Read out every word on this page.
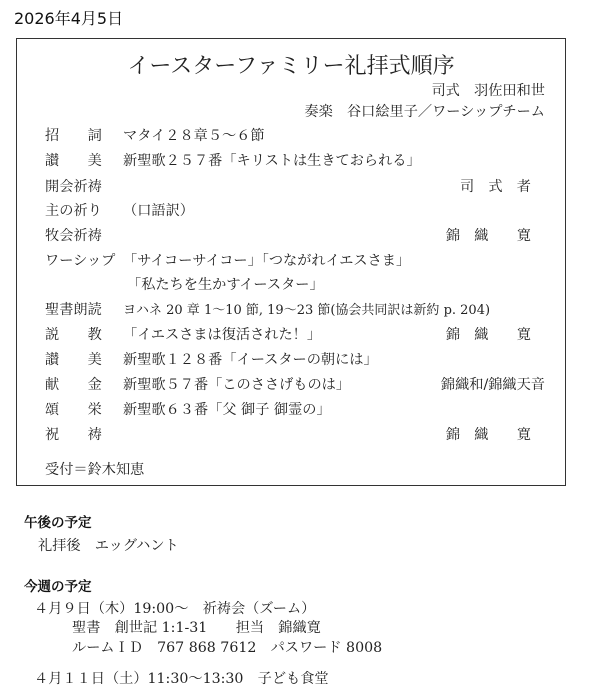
2026年4月5日
イースターファミリー礼拝式順序
司式　羽佐田和世
奏楽　谷口絵里子／ワーシップチーム
招　　詞 マタイ２８章５～６節
讃　　美 新聖歌２５７番「キリストは生きておられる」
開会祈祷	司　式　者
主の祈り （口語訳）
牧会祈祷	錦　織　　寛
ワーシップ 「サイコーサイコー」「つながれイエスさま」
「私たちを生かすイースター」
聖書朗読 ヨハネ 20 章 1～10 節, 19～23 節(協会共同訳は新約 p. 204)
説　　教 「イエスさまは復活された！」	錦　織　　寛
讃　　美 新聖歌１２８番「イースターの朝には」
献　　金 新聖歌５７番「このささげものは」	錦織和/錦織天音
頌　　栄 新聖歌６３番「父 御子 御霊の」
祝　　祷	錦　織　　寛
受付＝鈴木知恵
午後の予定
礼拝後　エッグハント
今週の予定
４月９日（木）19:00～　祈祷会（ズーム）
聖書　創世記 1:1-31　　担当　錦織寛
ルームＩＤ　767 868 7612　パスワード 8008
４月１１日（土）11:30～13:30　子ども食堂
